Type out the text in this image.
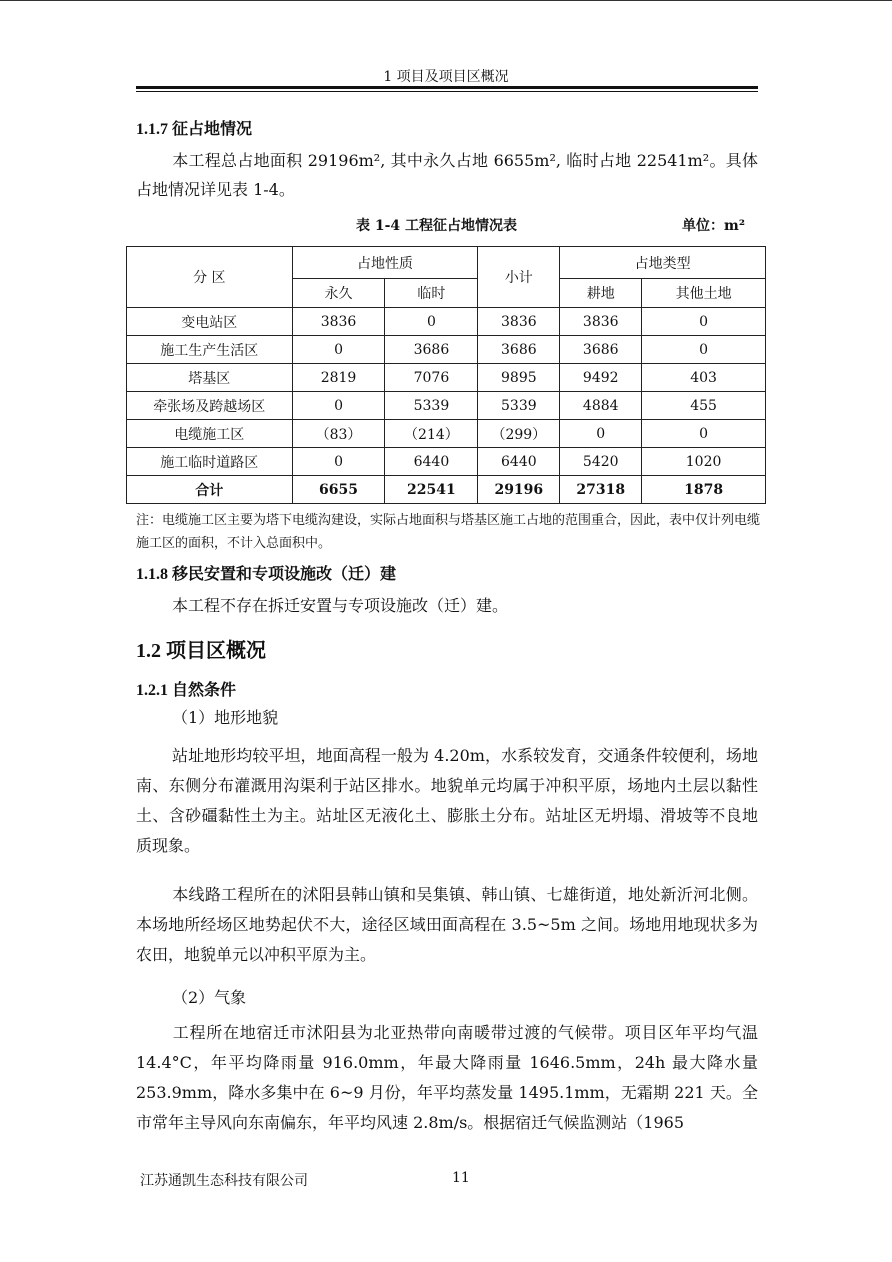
1 项目及项目区概况
1.1.7 征占地情况
本工程总占地面积 29196m², 其中永久占地 6655m², 临时占地 22541m²。具体占地情况详见表 1-4。
表 1-4 工程征占地情况表	单位：m²
分 区	占地性质		小计	占地类型	
	永久	临时		耕地	其他土地
变电站区	3836	0	3836	3836	0
施工生产生活区	0	3686	3686	3686	0
塔基区	2819	7076	9895	9492	403
牵张场及跨越场区	0	5339	5339	4884	455
电缆施工区	（83）	（214）	（299）	0	0
施工临时道路区	0	6440	6440	5420	1020
合计	6655	22541	29196	27318	1878
注：电缆施工区主要为塔下电缆沟建设，实际占地面积与塔基区施工占地的范围重合，因此，表中仅计列电缆施工区的面积，不计入总面积中。
1.1.8 移民安置和专项设施改（迁）建
本工程不存在拆迁安置与专项设施改（迁）建。
1.2 项目区概况
1.2.1 自然条件
（1）地形地貌
站址地形均较平坦，地面高程一般为 4.20m，水系较发育，交通条件较便利，场地南、东侧分布灌溉用沟渠利于站区排水。地貌单元均属于冲积平原，场地内土层以黏性土、含砂礓黏性土为主。站址区无液化土、膨胀土分布。站址区无坍塌、滑坡等不良地质现象。
本线路工程所在的沭阳县韩山镇和吴集镇、韩山镇、七雄街道，地处新沂河北侧。本场地所经场区地势起伏不大，途径区域田面高程在 3.5~5m 之间。场地用地现状多为农田，地貌单元以冲积平原为主。
（2）气象
工程所在地宿迁市沭阳县为北亚热带向南暖带过渡的气候带。项目区年平均气温 14.4°C，年平均降雨量 916.0mm，年最大降雨量 1646.5mm，24h 最大降水量 253.9mm，降水多集中在 6~9 月份，年平均蒸发量 1495.1mm，无霜期 221 天。全市常年主导风向东南偏东，年平均风速 2.8m/s。根据宿迁气候监测站（1965
江苏通凯生态科技有限公司	11
